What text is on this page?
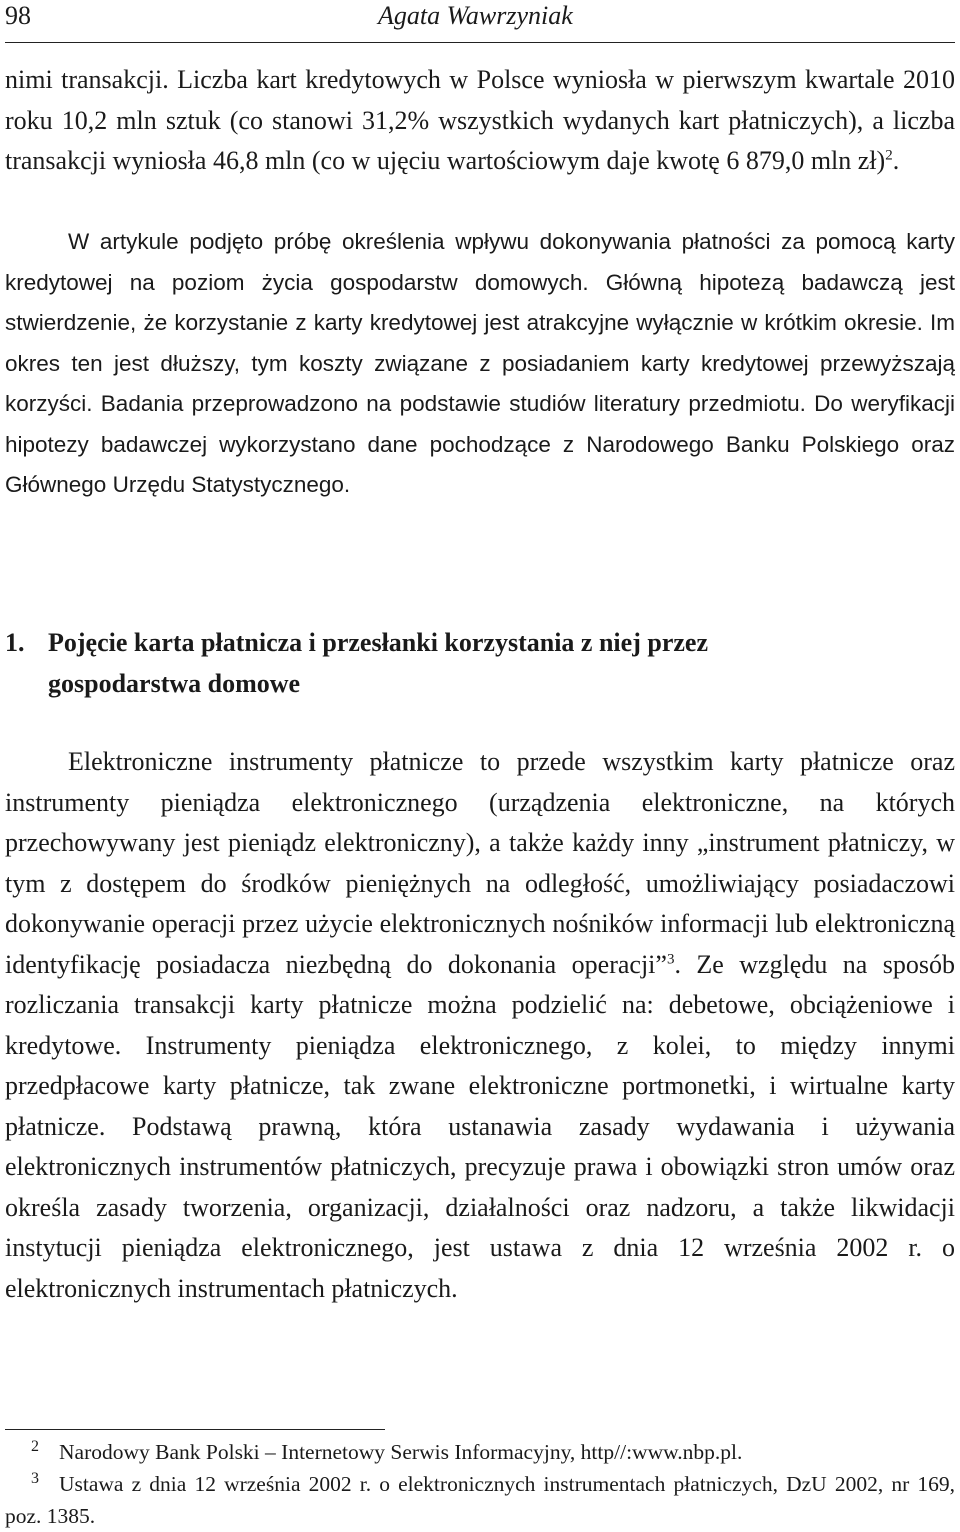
98	Agata Wawrzyniak

nimi transakcji. Liczba kart kredytowych w Polsce wyniosła w pierwszym kwartale 2010 roku 10,2 mln sztuk (co stanowi 31,2% wszystkich wydanych kart płatniczych), a liczba transakcji wyniosła 46,8 mln (co w ujęciu wartościowym daje kwotę 6 879,0 mln zł)$^2$.

W artykule podjęto próbę określenia wpływu dokonywania płatności za pomocą karty kredytowej na poziom życia gospodarstw domowych. Główną hipotezą badawczą jest stwierdzenie, że korzystanie z karty kredytowej jest atrakcyjne wyłącznie w krótkim okresie. Im okres ten jest dłuższy, tym koszty związane z posiadaniem karty kredytowej przewyższają korzyści. Badania przeprowadzono na podstawie studiów literatury przedmiotu. Do weryfikacji hipotezy badawczej wykorzystano dane pochodzące z Narodowego Banku Polskiego oraz Głównego Urzędu Statystycznego.

1. Pojęcie karta płatnicza i przesłanki korzystania z niej przez gospodarstwa domowe

Elektroniczne instrumenty płatnicze to przede wszystkim karty płatnicze oraz instrumenty pieniądza elektronicznego (urządzenia elektroniczne, na których przechowywany jest pieniądz elektroniczny), a także każdy inny „instrument płatniczy, w tym z dostępem do środków pieniężnych na odległość, umożliwiający posiadaczowi dokonywanie operacji przez użycie elektronicznych nośników informacji lub elektroniczną identyfikację posiadacza niezbędną do dokonania operacji”$^3$. Ze względu na sposób rozliczania transakcji karty płatnicze można podzielić na: debetowe, obciążeniowe i kredytowe. Instrumenty pieniądza elektronicznego, z kolei, to między innymi przedpłacowe karty płatnicze, tak zwane elektroniczne portmonetki, i wirtualne karty płatnicze. Podstawą prawną, która ustanawia zasady wydawania i używania elektronicznych instrumentów płatniczych, precyzuje prawa i obowiązki stron umów oraz określa zasady tworzenia, organizacji, działalności oraz nadzoru, a także likwidacji instytucji pieniądza elektronicznego, jest ustawa z dnia 12 września 2002 r. o elektronicznych instrumentach płatniczych.

2 Narodowy Bank Polski – Internetowy Serwis Informacyjny, http//:www.nbp.pl.
3 Ustawa z dnia 12 września 2002 r. o elektronicznych instrumentach płatniczych, DzU 2002, nr 169, poz. 1385.
